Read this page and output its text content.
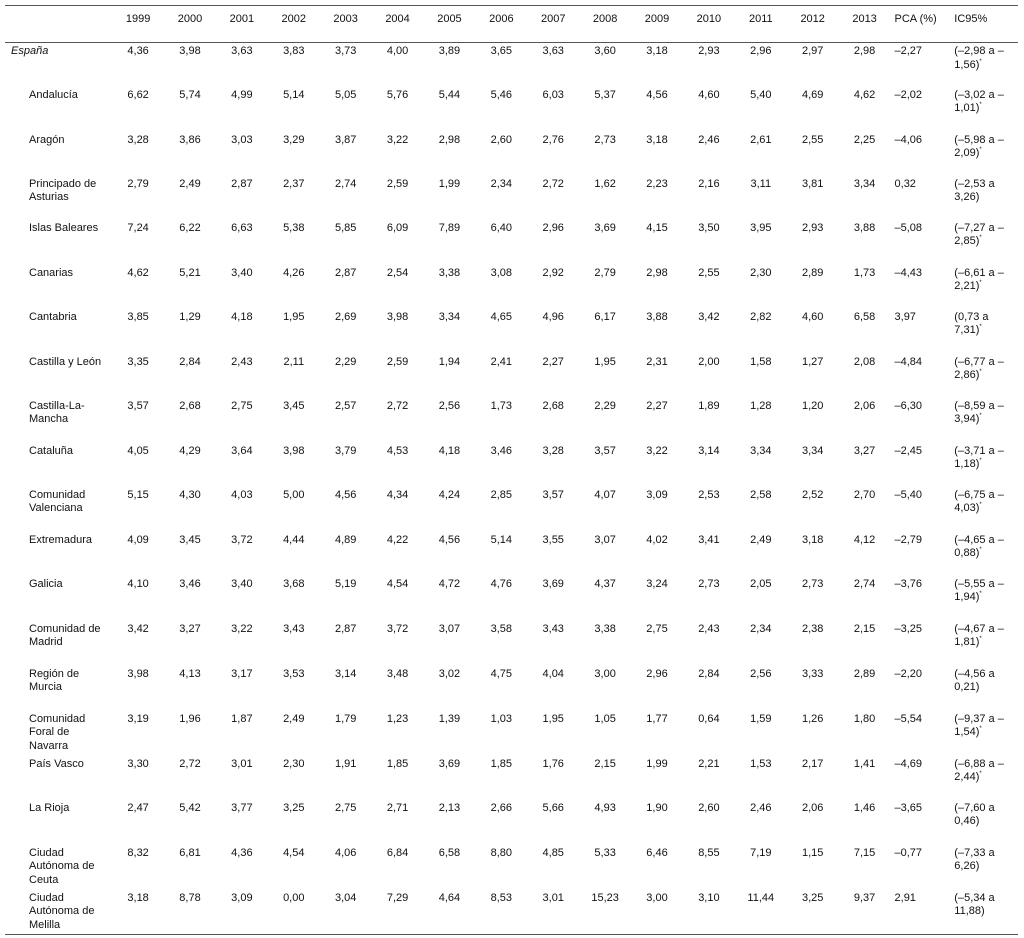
	1999	2000	2001	2002	2003	2004	2005	2006	2007	2008	2009	2010	2011	2012	2013	PCA (%)	IC95%
España	4,36	3,98	3,63	3,83	3,73	4,00	3,89	3,65	3,63	3,60	3,18	2,93	2,96	2,97	2,98	–2,27	(–2,98 a –1,56)*
Andalucía	6,62	5,74	4,99	5,14	5,05	5,76	5,44	5,46	6,03	5,37	4,56	4,60	5,40	4,69	4,62	–2,02	(–3,02 a –1,01)*
Aragón	3,28	3,86	3,03	3,29	3,87	3,22	2,98	2,60	2,76	2,73	3,18	2,46	2,61	2,55	2,25	–4,06	(–5,98 a –2,09)*
Principado de Asturias	2,79	2,49	2,87	2,37	2,74	2,59	1,99	2,34	2,72	1,62	2,23	2,16	3,11	3,81	3,34	0,32	(–2,53 a 3,26)
Islas Baleares	7,24	6,22	6,63	5,38	5,85	6,09	7,89	6,40	2,96	3,69	4,15	3,50	3,95	2,93	3,88	–5,08	(–7,27 a –2,85)*
Canarias	4,62	5,21	3,40	4,26	2,87	2,54	3,38	3,08	2,92	2,79	2,98	2,55	2,30	2,89	1,73	–4,43	(–6,61 a –2,21)*
Cantabria	3,85	1,29	4,18	1,95	2,69	3,98	3,34	4,65	4,96	6,17	3,88	3,42	2,82	4,60	6,58	3,97	(0,73 a 7,31)*
Castilla y León	3,35	2,84	2,43	2,11	2,29	2,59	1,94	2,41	2,27	1,95	2,31	2,00	1,58	1,27	2,08	–4,84	(–6,77 a –2,86)*
Castilla-La-Mancha	3,57	2,68	2,75	3,45	2,57	2,72	2,56	1,73	2,68	2,29	2,27	1,89	1,28	1,20	2,06	–6,30	(–8,59 a –3,94)*
Cataluña	4,05	4,29	3,64	3,98	3,79	4,53	4,18	3,46	3,28	3,57	3,22	3,14	3,34	3,34	3,27	–2,45	(–3,71 a –1,18)*
Comunidad Valenciana	5,15	4,30	4,03	5,00	4,56	4,34	4,24	2,85	3,57	4,07	3,09	2,53	2,58	2,52	2,70	–5,40	(–6,75 a –4,03)*
Extremadura	4,09	3,45	3,72	4,44	4,89	4,22	4,56	5,14	3,55	3,07	4,02	3,41	2,49	3,18	4,12	–2,79	(–4,65 a –0,88)*
Galicia	4,10	3,46	3,40	3,68	5,19	4,54	4,72	4,76	3,69	4,37	3,24	2,73	2,05	2,73	2,74	–3,76	(–5,55 a –1,94)*
Comunidad de Madrid	3,42	3,27	3,22	3,43	2,87	3,72	3,07	3,58	3,43	3,38	2,75	2,43	2,34	2,38	2,15	–3,25	(–4,67 a –1,81)*
Región de Murcia	3,98	4,13	3,17	3,53	3,14	3,48	3,02	4,75	4,04	3,00	2,96	2,84	2,56	3,33	2,89	–2,20	(–4,56 a 0,21)
Comunidad Foral de Navarra	3,19	1,96	1,87	2,49	1,79	1,23	1,39	1,03	1,95	1,05	1,77	0,64	1,59	1,26	1,80	–5,54	(–9,37 a –1,54)*
País Vasco	3,30	2,72	3,01	2,30	1,91	1,85	3,69	1,85	1,76	2,15	1,99	2,21	1,53	2,17	1,41	–4,69	(–6,88 a –2,44)*
La Rioja	2,47	5,42	3,77	3,25	2,75	2,71	2,13	2,66	5,66	4,93	1,90	2,60	2,46	2,06	1,46	–3,65	(–7,60 a 0,46)
Ciudad Autónoma de Ceuta	8,32	6,81	4,36	4,54	4,06	6,84	6,58	8,80	4,85	5,33	6,46	8,55	7,19	1,15	7,15	–0,77	(–7,33 a 6,26)
Ciudad Autónoma de Melilla	3,18	8,78	3,09	0,00	3,04	7,29	4,64	8,53	3,01	15,23	3,00	3,10	11,44	3,25	9,37	2,91	(–5,34 a 11,88)
